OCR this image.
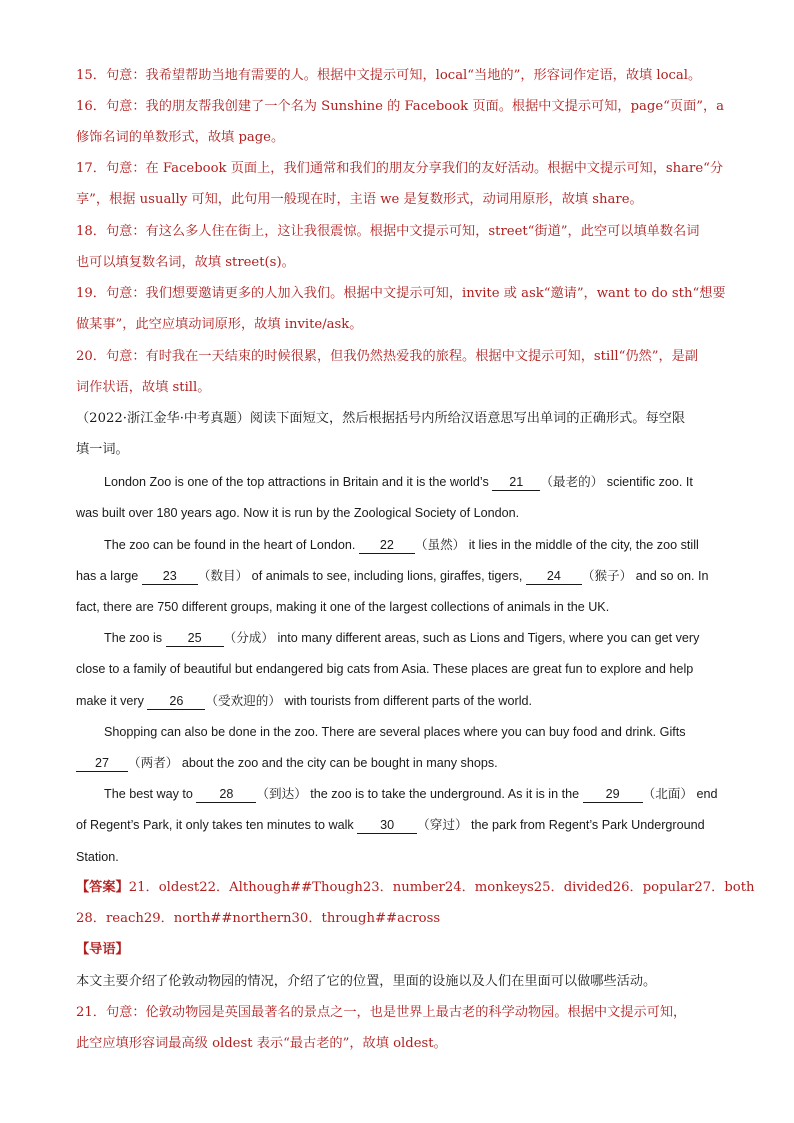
15．句意：我希望帮助当地有需要的人。根据中文提示可知，local“当地的”，形容词作定语，故填 local。
16．句意：我的朋友帮我创建了一个名为 Sunshine 的 Facebook 页面。根据中文提示可知，page“页面”，a
修饰名词的单数形式，故填 page。
17．句意：在 Facebook 页面上，我们通常和我们的朋友分享我们的友好活动。根据中文提示可知，share“分
享”，根据 usually 可知，此句用一般现在时，主语 we 是复数形式，动词用原形，故填 share。
18．句意：有这么多人住在街上，这让我很震惊。根据中文提示可知，street“街道”，此空可以填单数名词
也可以填复数名词，故填 street(s)。
19．句意：我们想要邀请更多的人加入我们。根据中文提示可知，invite 或 ask“邀请”，want to do sth“想要
做某事”，此空应填动词原形，故填 invite/ask。
20．句意：有时我在一天结束的时候很累，但我仍然热爱我的旅程。根据中文提示可知，still“仍然”，是副
词作状语，故填 still。
（2022·浙江金华·中考真题）阅读下面短文，然后根据括号内所给汉语意思写出单词的正确形式。每空限
填一词。
London Zoo is one of the top attractions in Britain and it is the world’s 21 （最老的） scientific zoo. It
was built over 180 years ago. Now it is run by the Zoological Society of London.
The zoo can be found in the heart of London. 22 （虽然） it lies in the middle of the city, the zoo still
has a large 23 （数目） of animals to see, including lions, giraffes, tigers, 24 （猴子） and so on. In
fact, there are 750 different groups, making it one of the largest collections of animals in the UK.
The zoo is 25 （分成） into many different areas, such as Lions and Tigers, where you can get very
close to a family of beautiful but endangered big cats from Asia. These places are great fun to explore and help
make it very 26 （受欢迎的） with tourists from different parts of the world.
Shopping can also be done in the zoo. There are several places where you can buy food and drink. Gifts
27 （两者） about the zoo and the city can be bought in many shops.
The best way to 28 （到达） the zoo is to take the underground. As it is in the 29 （北面） end
of Regent’s Park, it only takes ten minutes to walk 30 （穿过） the park from Regent’s Park Underground
Station.
【答案】21．oldest22．Although##Though23．number24．monkeys25．divided26．popular27．both
28．reach29．north##northern30．through##across
【导语】
本文主要介绍了伦敦动物园的情况，介绍了它的位置，里面的设施以及人们在里面可以做哪些活动。
21．句意：伦敦动物园是英国最著名的景点之一，也是世界上最古老的科学动物园。根据中文提示可知，
此空应填形容词最高级 oldest 表示“最古老的”，故填 oldest。
